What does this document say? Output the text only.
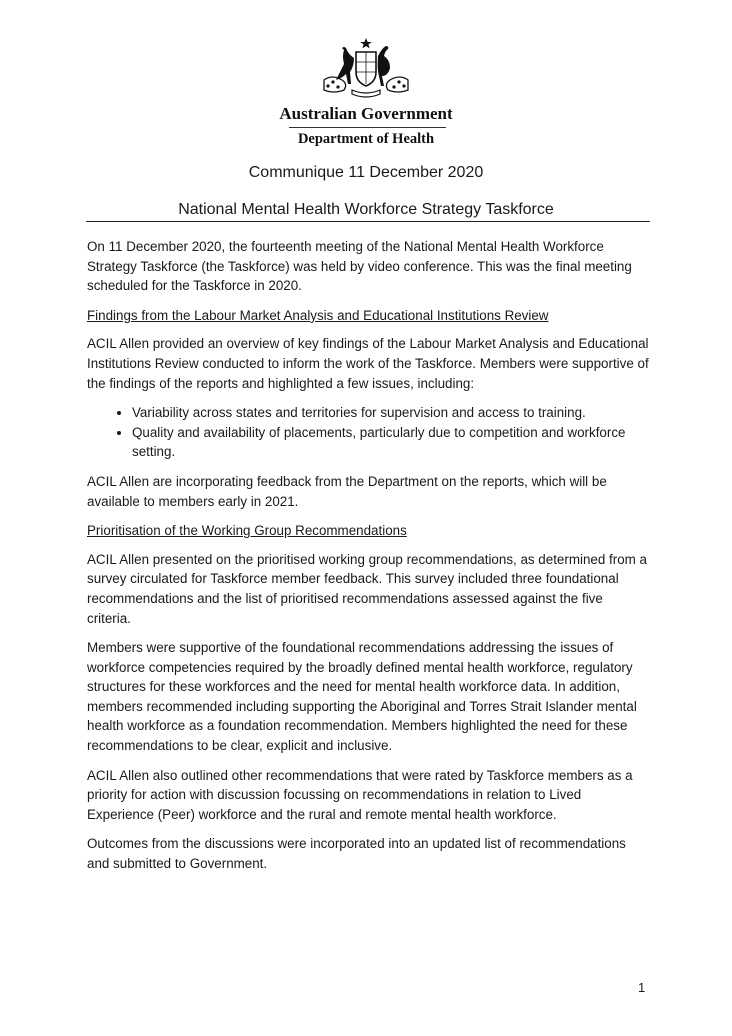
Australian Government
Department of Health
Communique 11 December 2020
National Mental Health Workforce Strategy Taskforce

On 11 December 2020, the fourteenth meeting of the National Mental Health Workforce Strategy Taskforce (the Taskforce) was held by video conference. This was the final meeting scheduled for the Taskforce in 2020.

Findings from the Labour Market Analysis and Educational Institutions Review

ACIL Allen provided an overview of key findings of the Labour Market Analysis and Educational Institutions Review conducted to inform the work of the Taskforce. Members were supportive of the findings of the reports and highlighted a few issues, including:

• Variability across states and territories for supervision and access to training.
• Quality and availability of placements, particularly due to competition and workforce setting.

ACIL Allen are incorporating feedback from the Department on the reports, which will be available to members early in 2021.

Prioritisation of the Working Group Recommendations

ACIL Allen presented on the prioritised working group recommendations, as determined from a survey circulated for Taskforce member feedback. This survey included three foundational recommendations and the list of prioritised recommendations assessed against the five criteria.

Members were supportive of the foundational recommendations addressing the issues of workforce competencies required by the broadly defined mental health workforce, regulatory structures for these workforces and the need for mental health workforce data. In addition, members recommended including supporting the Aboriginal and Torres Strait Islander mental health workforce as a foundation recommendation. Members highlighted the need for these recommendations to be clear, explicit and inclusive.

ACIL Allen also outlined other recommendations that were rated by Taskforce members as a priority for action with discussion focussing on recommendations in relation to Lived Experience (Peer) workforce and the rural and remote mental health workforce.

Outcomes from the discussions were incorporated into an updated list of recommendations and submitted to Government.

1
